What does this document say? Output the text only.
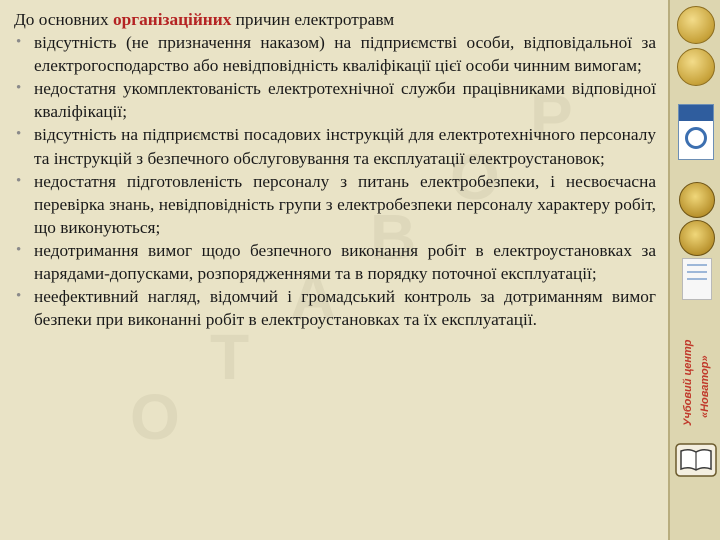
P
O
B
A
T
O

До основних організаційних причин електротравм

• відсутність (не призначення наказом) на підприємстві особи, відповідальної за електрогосподарство або невідповідність кваліфікації цієї особи чинним вимогам;
• недостатня укомплектованість електротехнічної служби працівниками відповідної кваліфікації;
• відсутність на підприємстві посадових інструкцій для електротехнічного персоналу та інструкцій з безпечного обслуговування та експлуатації електроустановок;
• недостатня підготовленість персоналу з питань електробезпеки, і несвоєчасна перевірка знань, невідповідність групи з електробезпеки персоналу характеру робіт, що виконуються;
• недотримання вимог щодо безпечного виконання робіт в електроустановках за нарядами-допусками, розпорядженнями та в порядку поточної експлуатації;
• неефективний нагляд, відомчий і громадський контроль за дотриманням вимог безпеки при виконанні робіт в електроустановках та їх експлуатації.
Учбовий центр «Новатор»
